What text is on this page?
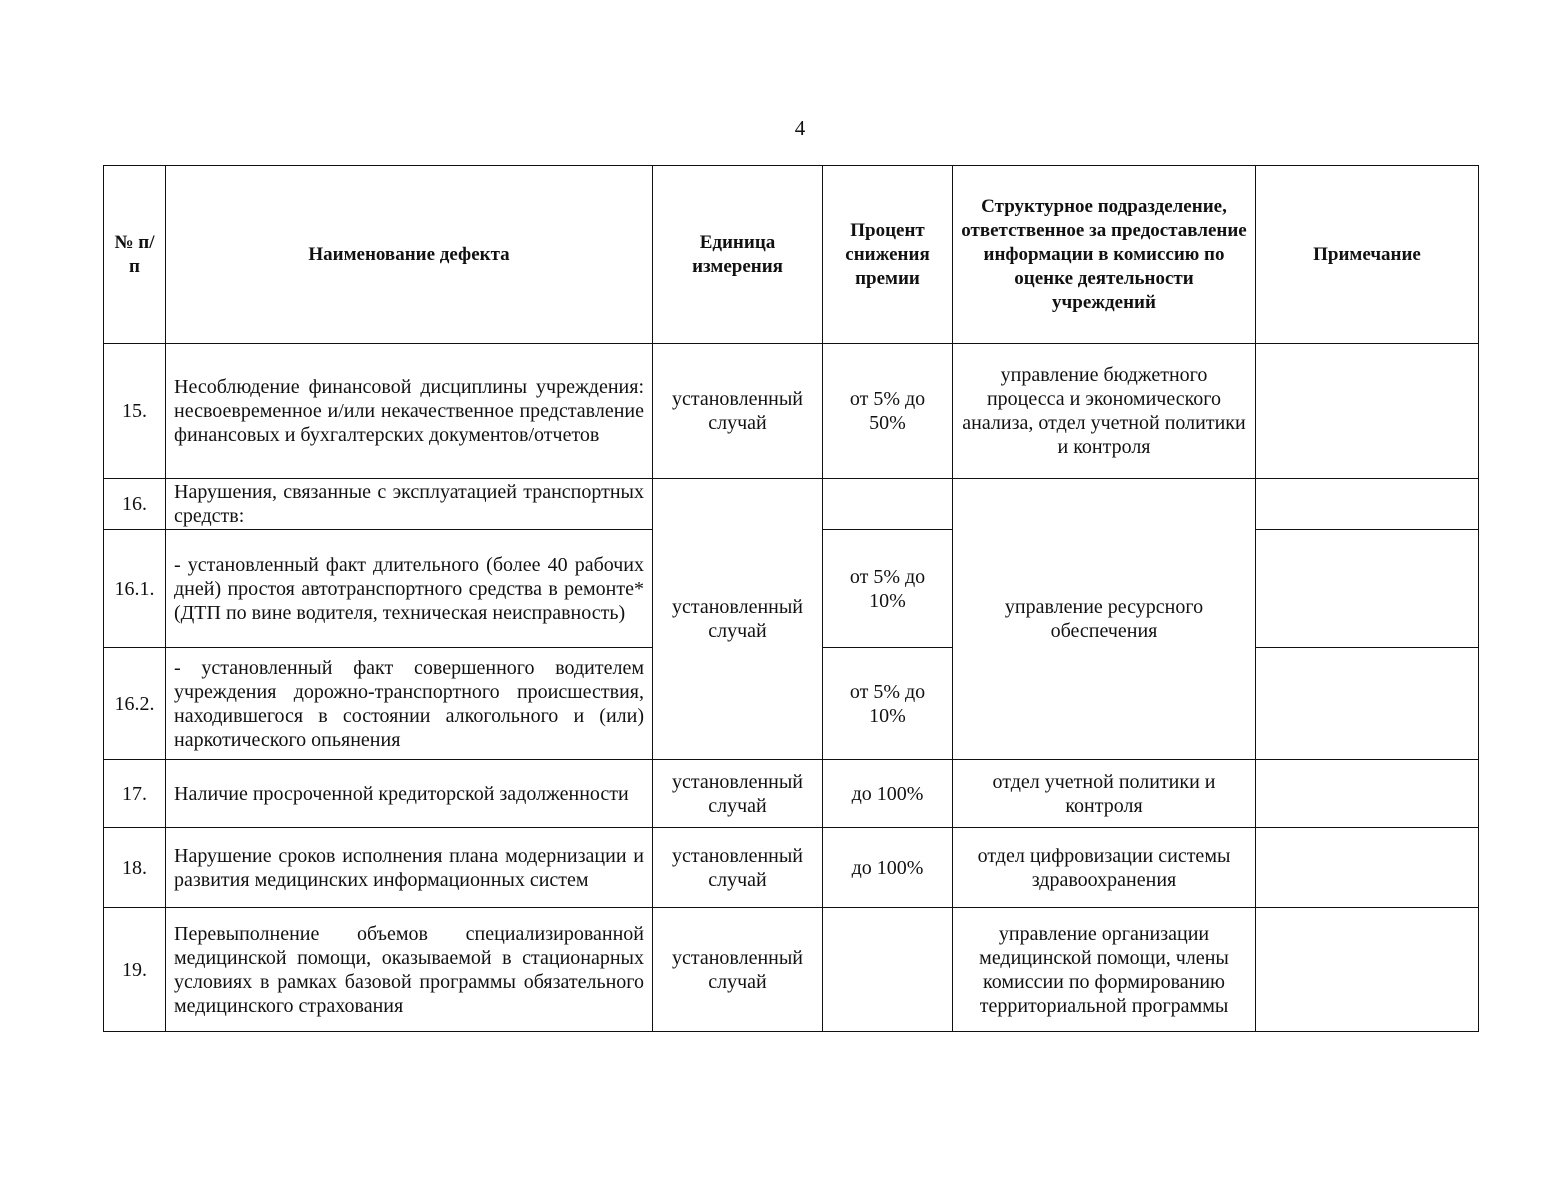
4
№ п/п	Наименование дефекта	Единица измерения	Процент снижения премии	Структурное подразделение, ответственное за предоставление информации в комиссию по оценке деятельности учреждений	Примечание
15.	Несоблюдение финансовой дисциплины учреждения: несвоевременное и/или некачественное представление финансовых и бухгалтерских документов/отчетов	установленный случай	от 5% до 50%	управление бюджетного процесса и экономического анализа, отдел учетной политики и контроля	
16.	Нарушения, связанные с эксплуатацией транспортных средств:	установленный случай		управление ресурсного обеспечения	
16.1.	- установленный факт длительного (более 40 рабочих дней) простоя автотранспортного средства в ремонте* (ДТП по вине водителя, техническая неисправность)		от 5% до 10%		
16.2.	- установленный факт совершенного водителем учреждения дорожно-транспортного происшествия, находившегося в состоянии алкогольного и (или) наркотического опьянения		от 5% до 10%		
17.	Наличие просроченной кредиторской задолженности	установленный случай	до 100%	отдел учетной политики и контроля	
18.	Нарушение сроков исполнения плана модернизации и развития медицинских информационных систем	установленный случай	до 100%	отдел цифровизации системы здравоохранения	
19.	Перевыполнение объемов специализированной медицинской помощи, оказываемой в стационарных условиях в рамках базовой программы обязательного медицинского страхования	установленный случай		управление организации медицинской помощи, члены комиссии по формированию территориальной программы	
